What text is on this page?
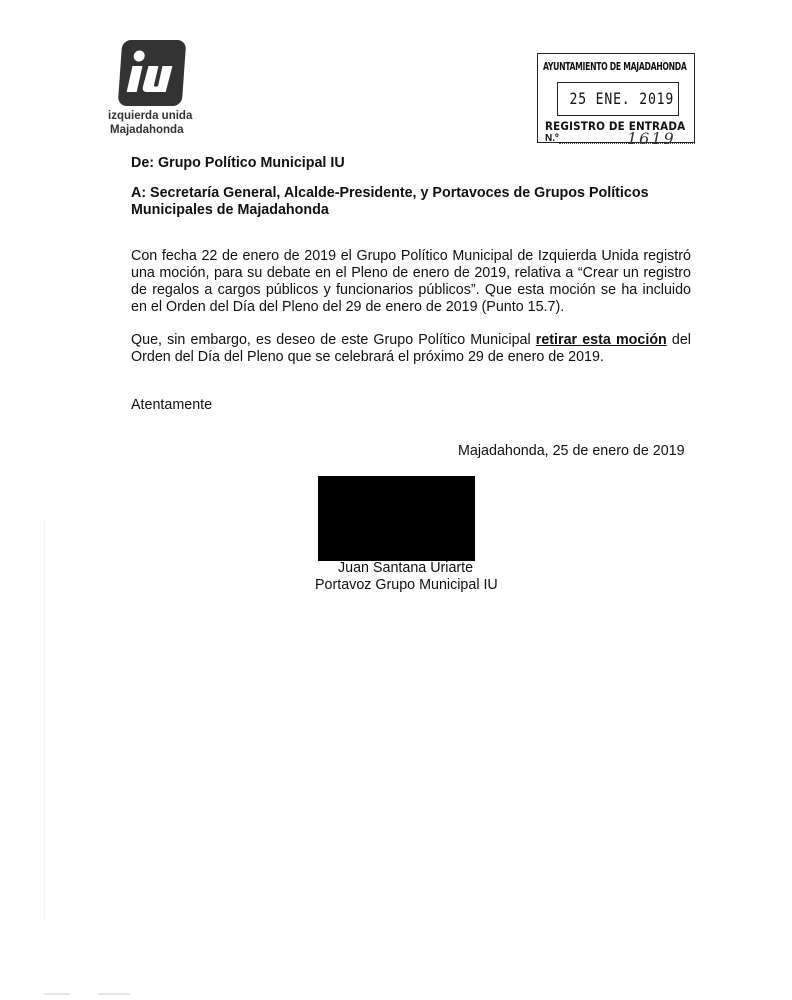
izquierda unida
Majadahonda
AYUNTAMIENTO DE MAJADAHONDA
25 ENE. 2019
REGISTRO DE ENTRADA
N.º	1619
De: Grupo Político Municipal IU
A: Secretaría General, Alcalde-Presidente, y Portavoces de Grupos Políticos Municipales de Majadahonda
Con fecha 22 de enero de 2019 el Grupo Político Municipal de Izquierda Unida registró una moción, para su debate en el Pleno de enero de 2019, relativa a “Crear un registro de regalos a cargos públicos y funcionarios públicos”. Que esta moción se ha incluido en el Orden del Día del Pleno del 29 de enero de 2019 (Punto 15.7).
Que, sin embargo, es deseo de este Grupo Político Municipal retirar esta moción del Orden del Día del Pleno que se celebrará el próximo 29 de enero de 2019.
Atentamente
Majadahonda, 25 de enero de 2019
Juan Santana Uriarte
Portavoz Grupo Municipal IU
